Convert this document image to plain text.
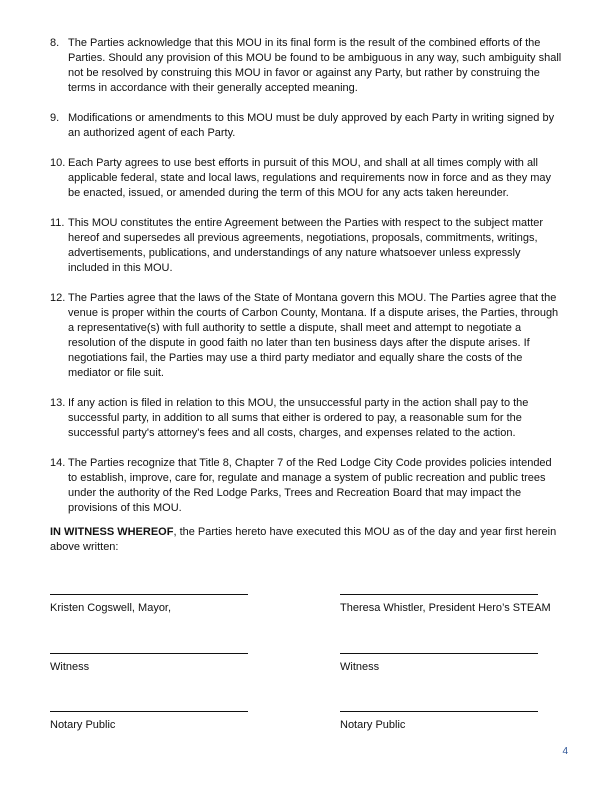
8. The Parties acknowledge that this MOU in its final form is the result of the combined efforts of the Parties. Should any provision of this MOU be found to be ambiguous in any way, such ambiguity shall not be resolved by construing this MOU in favor or against any Party, but rather by construing the terms in accordance with their generally accepted meaning.
9. Modifications or amendments to this MOU must be duly approved by each Party in writing signed by an authorized agent of each Party.
10. Each Party agrees to use best efforts in pursuit of this MOU, and shall at all times comply with all applicable federal, state and local laws, regulations and requirements now in force and as they may be enacted, issued, or amended during the term of this MOU for any acts taken hereunder.
11. This MOU constitutes the entire Agreement between the Parties with respect to the subject matter hereof and supersedes all previous agreements, negotiations, proposals, commitments, writings, advertisements, publications, and understandings of any nature whatsoever unless expressly included in this MOU.
12. The Parties agree that the laws of the State of Montana govern this MOU. The Parties agree that the venue is proper within the courts of Carbon County, Montana. If a dispute arises, the Parties, through a representative(s) with full authority to settle a dispute, shall meet and attempt to negotiate a resolution of the dispute in good faith no later than ten business days after the dispute arises. If negotiations fail, the Parties may use a third party mediator and equally share the costs of the mediator or file suit.
13. If any action is filed in relation to this MOU, the unsuccessful party in the action shall pay to the successful party, in addition to all sums that either is ordered to pay, a reasonable sum for the successful party's attorney's fees and all costs, charges, and expenses related to the action.
14. The Parties recognize that Title 8, Chapter 7 of the Red Lodge City Code provides policies intended to establish, improve, care for, regulate and manage a system of public recreation and public trees under the authority of the Red Lodge Parks, Trees and Recreation Board that may impact the provisions of this MOU.
IN WITNESS WHEREOF, the Parties hereto have executed this MOU as of the day and year first herein above written:
Kristen Cogswell, Mayor,	Theresa Whistler, President Hero’s STEAM
Witness	Witness
Notary Public	Notary Public
4
